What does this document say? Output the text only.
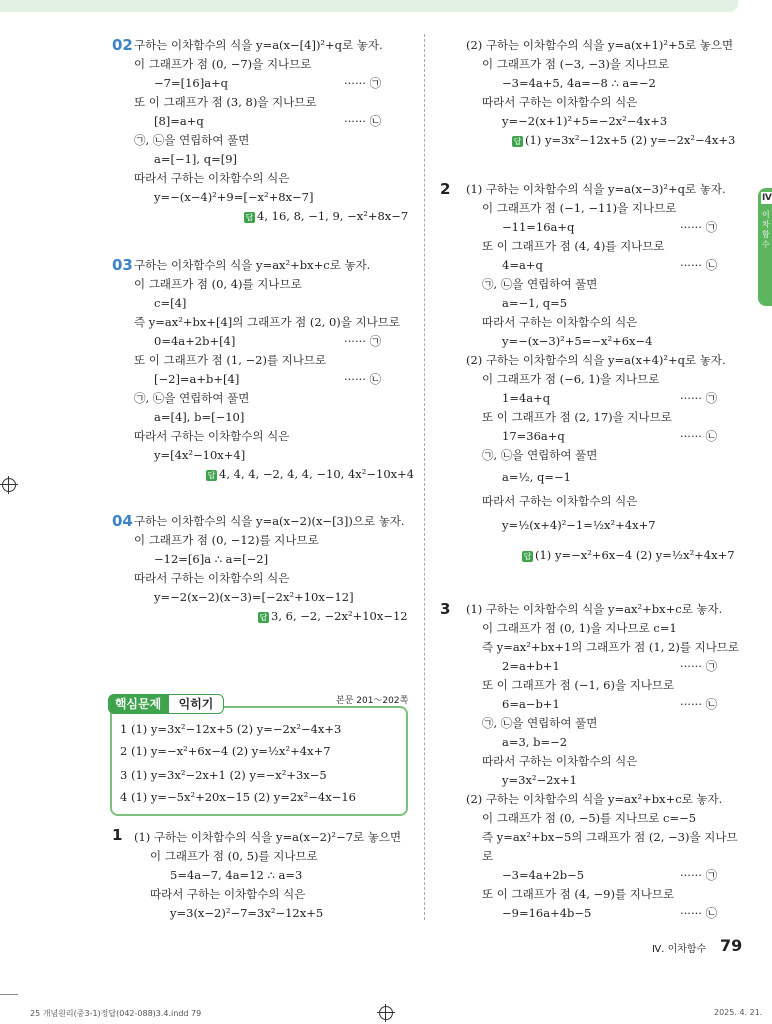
02 구하는 이차함수의 식을 y=a(x−[4])²+q로 놓자.
이 그래프가 점 (0, −7)을 지나므로
−7=[16]a+q	······ ㉠
또 이 그래프가 점 (3, 8)을 지나므로
[8]=a+q	······ ㉡
㉠, ㉡을 연립하여 풀면
a=[−1], q=[9]
따라서 구하는 이차함수의 식은
y=−(x−4)²+9=[−x²+8x−7]
답 4, 16, 8, −1, 9, −x²+8x−7
03 구하는 이차함수의 식을 y=ax²+bx+c로 놓자.
이 그래프가 점 (0, 4)를 지나므로
c=[4]
즉 y=ax²+bx+[4]의 그래프가 점 (2, 0)을 지나므로
0=4a+2b+[4]	······ ㉠
또 이 그래프가 점 (1, −2)를 지나므로
[−2]=a+b+[4]	······ ㉡
㉠, ㉡을 연립하여 풀면
a=[4], b=[−10]
따라서 구하는 이차함수의 식은
y=[4x²−10x+4]
답 4, 4, 4, −2, 4, 4, −10, 4x²−10x+4
04 구하는 이차함수의 식을 y=a(x−2)(x−[3])으로 놓자.
이 그래프가 점 (0, −12)를 지나므로
−12=[6]a ∴ a=[−2]
따라서 구하는 이차함수의 식은
y=−2(x−2)(x−3)=[−2x²+10x−12]
답 3, 6, −2, −2x²+10x−12
핵심문제	익히기	본문 201～202쪽
1 (1) y=3x²−12x+5 (2) y=−2x²−4x+3
2 (1) y=−x²+6x−4 (2) y=½x²+4x+7
3 (1) y=3x²−2x+1 (2) y=−x²+3x−5
4 (1) y=−5x²+20x−15 (2) y=2x²−4x−16
1 (1) 구하는 이차함수의 식을 y=a(x−2)²−7로 놓으면
이 그래프가 점 (0, 5)를 지나므로
5=4a−7, 4a=12 ∴ a=3
따라서 구하는 이차함수의 식은
y=3(x−2)²−7=3x²−12x+5
(2) 구하는 이차함수의 식을 y=a(x+1)²+5로 놓으면
이 그래프가 점 (−3, −3)을 지나므로
−3=4a+5, 4a=−8 ∴ a=−2
따라서 구하는 이차함수의 식은
y=−2(x+1)²+5=−2x²−4x+3
답 (1) y=3x²−12x+5 (2) y=−2x²−4x+3
2 (1) 구하는 이차함수의 식을 y=a(x−3)²+q로 놓자.
이 그래프가 점 (−1, −11)을 지나므로
−11=16a+q	······ ㉠
또 이 그래프가 점 (4, 4)를 지나므로
4=a+q	······ ㉡
㉠, ㉡을 연립하여 풀면
a=−1, q=5
따라서 구하는 이차함수의 식은
y=−(x−3)²+5=−x²+6x−4
(2) 구하는 이차함수의 식을 y=a(x+4)²+q로 놓자.
이 그래프가 점 (−6, 1)을 지나므로
1=4a+q	······ ㉠
또 이 그래프가 점 (2, 17)을 지나므로
17=36a+q	······ ㉡
㉠, ㉡을 연립하여 풀면
a=½, q=−1
따라서 구하는 이차함수의 식은
y=½(x+4)²−1=½x²+4x+7
답 (1) y=−x²+6x−4 (2) y=½x²+4x+7
3 (1) 구하는 이차함수의 식을 y=ax²+bx+c로 놓자.
이 그래프가 점 (0, 1)을 지나므로 c=1
즉 y=ax²+bx+1의 그래프가 점 (1, 2)를 지나므로
2=a+b+1	······ ㉠
또 이 그래프가 점 (−1, 6)을 지나므로
6=a−b+1	······ ㉡
㉠, ㉡을 연립하여 풀면
a=3, b=−2
따라서 구하는 이차함수의 식은
y=3x²−2x+1
(2) 구하는 이차함수의 식을 y=ax²+bx+c로 놓자.
이 그래프가 점 (0, −5)를 지나므로 c=−5
즉 y=ax²+bx−5의 그래프가 점 (2, −3)을 지나므
로
−3=4a+2b−5	······ ㉠
또 이 그래프가 점 (4, −9)를 지나므로
−9=16a+4b−5	······ ㉡
Ⅳ
이차함수
Ⅳ. 이차함수 79
25 개념원리(중3-1)정답(042-088)3.4.indd 79	2025. 4. 21.
